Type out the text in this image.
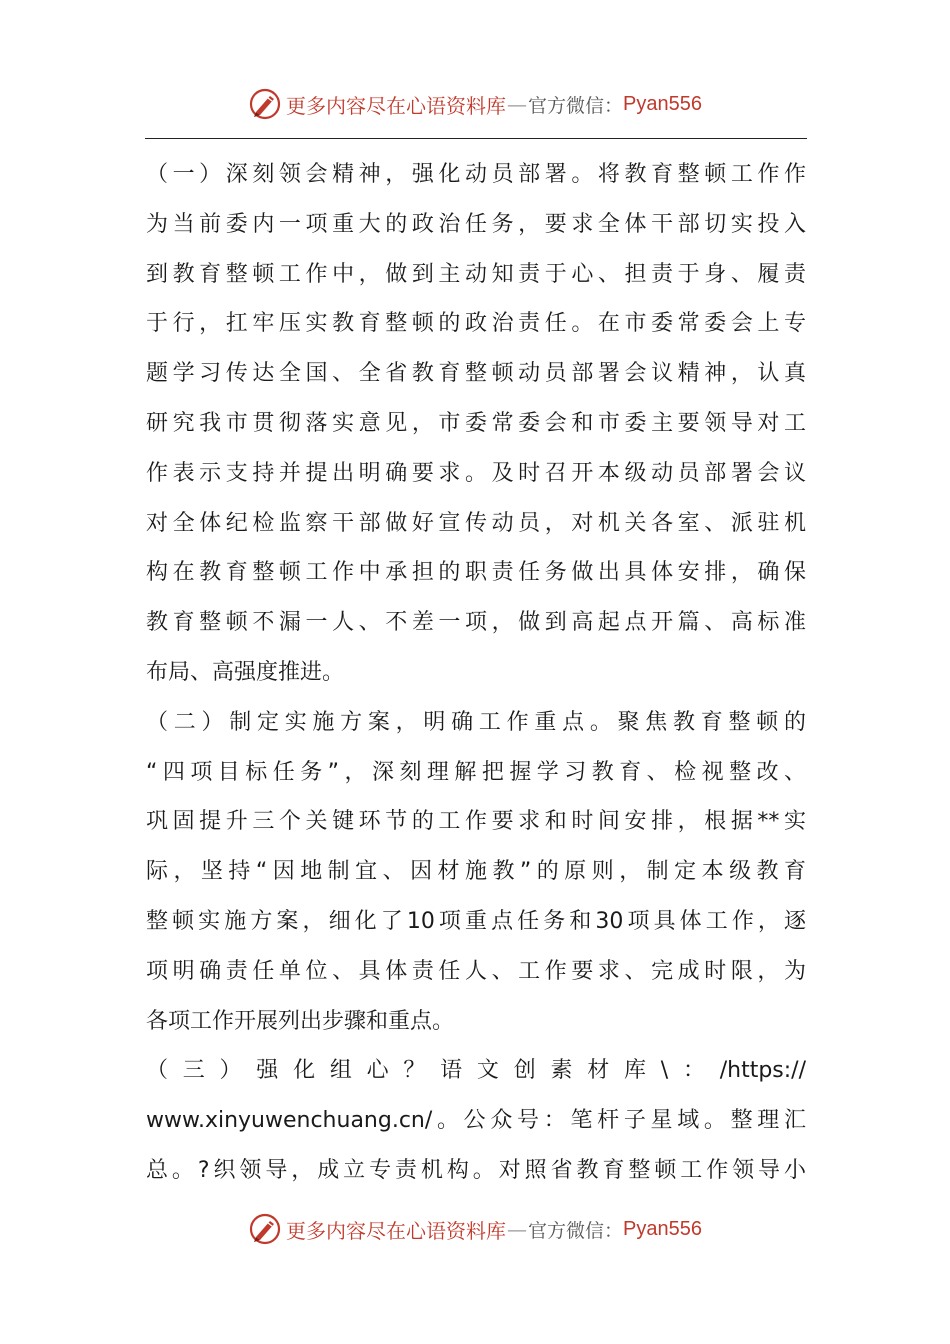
更多内容尽在心语资料库 — 官方微信： Pyan556
（一）深刻领会精神，强化动员部署。将教育整顿工作作
为当前委内一项重大的政治任务，要求全体干部切实投入
到教育整顿工作中，做到主动知责于心、担责于身、履责
于行，扛牢压实教育整顿的政治责任。在市委常委会上专
题学习传达全国、全省教育整顿动员部署会议精神，认真
研究我市贯彻落实意见，市委常委会和市委主要领导对工
作表示支持并提出明确要求。及时召开本级动员部署会议
对全体纪检监察干部做好宣传动员，对机关各室、派驻机
构在教育整顿工作中承担的职责任务做出具体安排，确保
教育整顿不漏一人、不差一项，做到高起点开篇、高标准
布局、高强度推进。
（二）制定实施方案，明确工作重点。聚焦教育整顿的
“四项目标任务”，深刻理解把握学习教育、检视整改、
巩固提升三个关键环节的工作要求和时间安排，根据**实
际，坚持“因地制宜、因材施教”的原则，制定本级教育
整顿实施方案，细化了10项重点任务和30项具体工作，逐
项明确责任单位、具体责任人、工作要求、完成时限，为
各项工作开展列出步骤和重点。
（三）强化组心？语文创素材库\：/https://
www.xinyuwenchuang.cn/。公众号：笔杆子星域。整理汇
总。?织领导，成立专责机构。对照省教育整顿工作领导小
更多内容尽在心语资料库 — 官方微信： Pyan556
